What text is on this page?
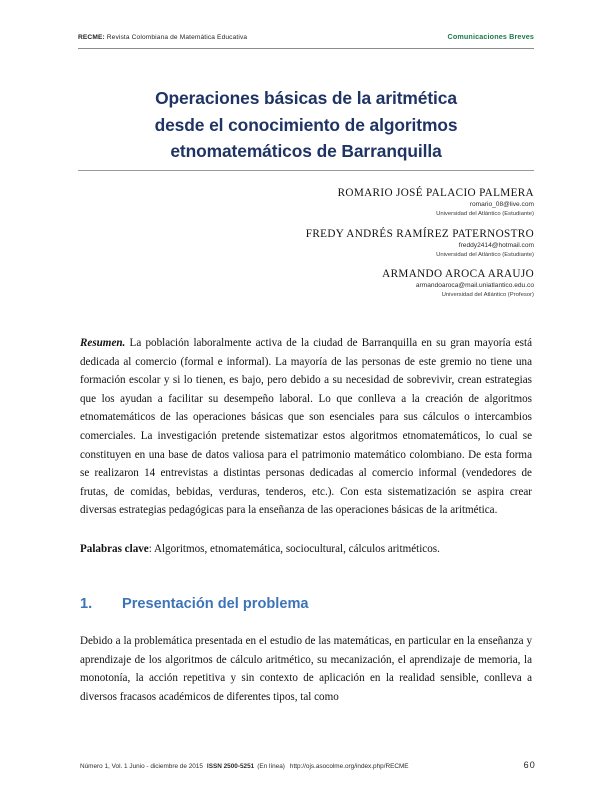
RECME: Revista Colombiana de Matemática Educativa	Comunicaciones Breves
Operaciones básicas de la aritmética
desde el conocimiento de algoritmos
etnomatemáticos de Barranquilla
ROMARIO JOSÉ PALACIO PALMERA
romario_08@live.com
Universidad del Atlántico (Estudiante)
FREDY ANDRÉS RAMÍREZ PATERNOSTRO
freddy2414@hotmail.com
Universidad del Atlántico (Estudiante)
ARMANDO AROCA ARAUJO
armandoaroca@mail.uniatlantico.edu.co
Universidad del Atlántico (Profesor)
Resumen. La población laboralmente activa de la ciudad de Barranquilla en su gran mayoría está dedicada al comercio (formal e informal). La mayoría de las personas de este gremio no tiene una formación escolar y si lo tienen, es bajo, pero debido a su necesidad de sobrevivir, crean estrategias que los ayudan a facilitar su desempeño laboral. Lo que conlleva a la creación de algoritmos etnomatemáticos de las operaciones básicas que son esenciales para sus cálculos o intercambios comerciales. La investigación pretende sistematizar estos algoritmos etnomatemáticos, lo cual se constituyen en una base de datos valiosa para el patrimonio matemático colombiano. De esta forma se realizaron 14 entrevistas a distintas personas dedicadas al comercio informal (vendedores de frutas, de comidas, bebidas, verduras, tenderos, etc.). Con esta sistematización se aspira crear diversas estrategias pedagógicas para la enseñanza de las operaciones básicas de la aritmética.
Palabras clave: Algoritmos, etnomatemática, sociocultural, cálculos aritméticos.
1.	Presentación del problema
Debido a la problemática presentada en el estudio de las matemáticas, en particular en la enseñanza y aprendizaje de los algoritmos de cálculo aritmético, su mecanización, el aprendizaje de memoria, la monotonía, la acción repetitiva y sin contexto de aplicación en la realidad sensible, conlleva a diversos fracasos académicos de diferentes tipos, tal como
Número 1, Vol. 1 Junio - diciembre de 2015 ISSN 2500-5251 (En línea) http://ojs.asocolme.org/index.php/RECME	60
